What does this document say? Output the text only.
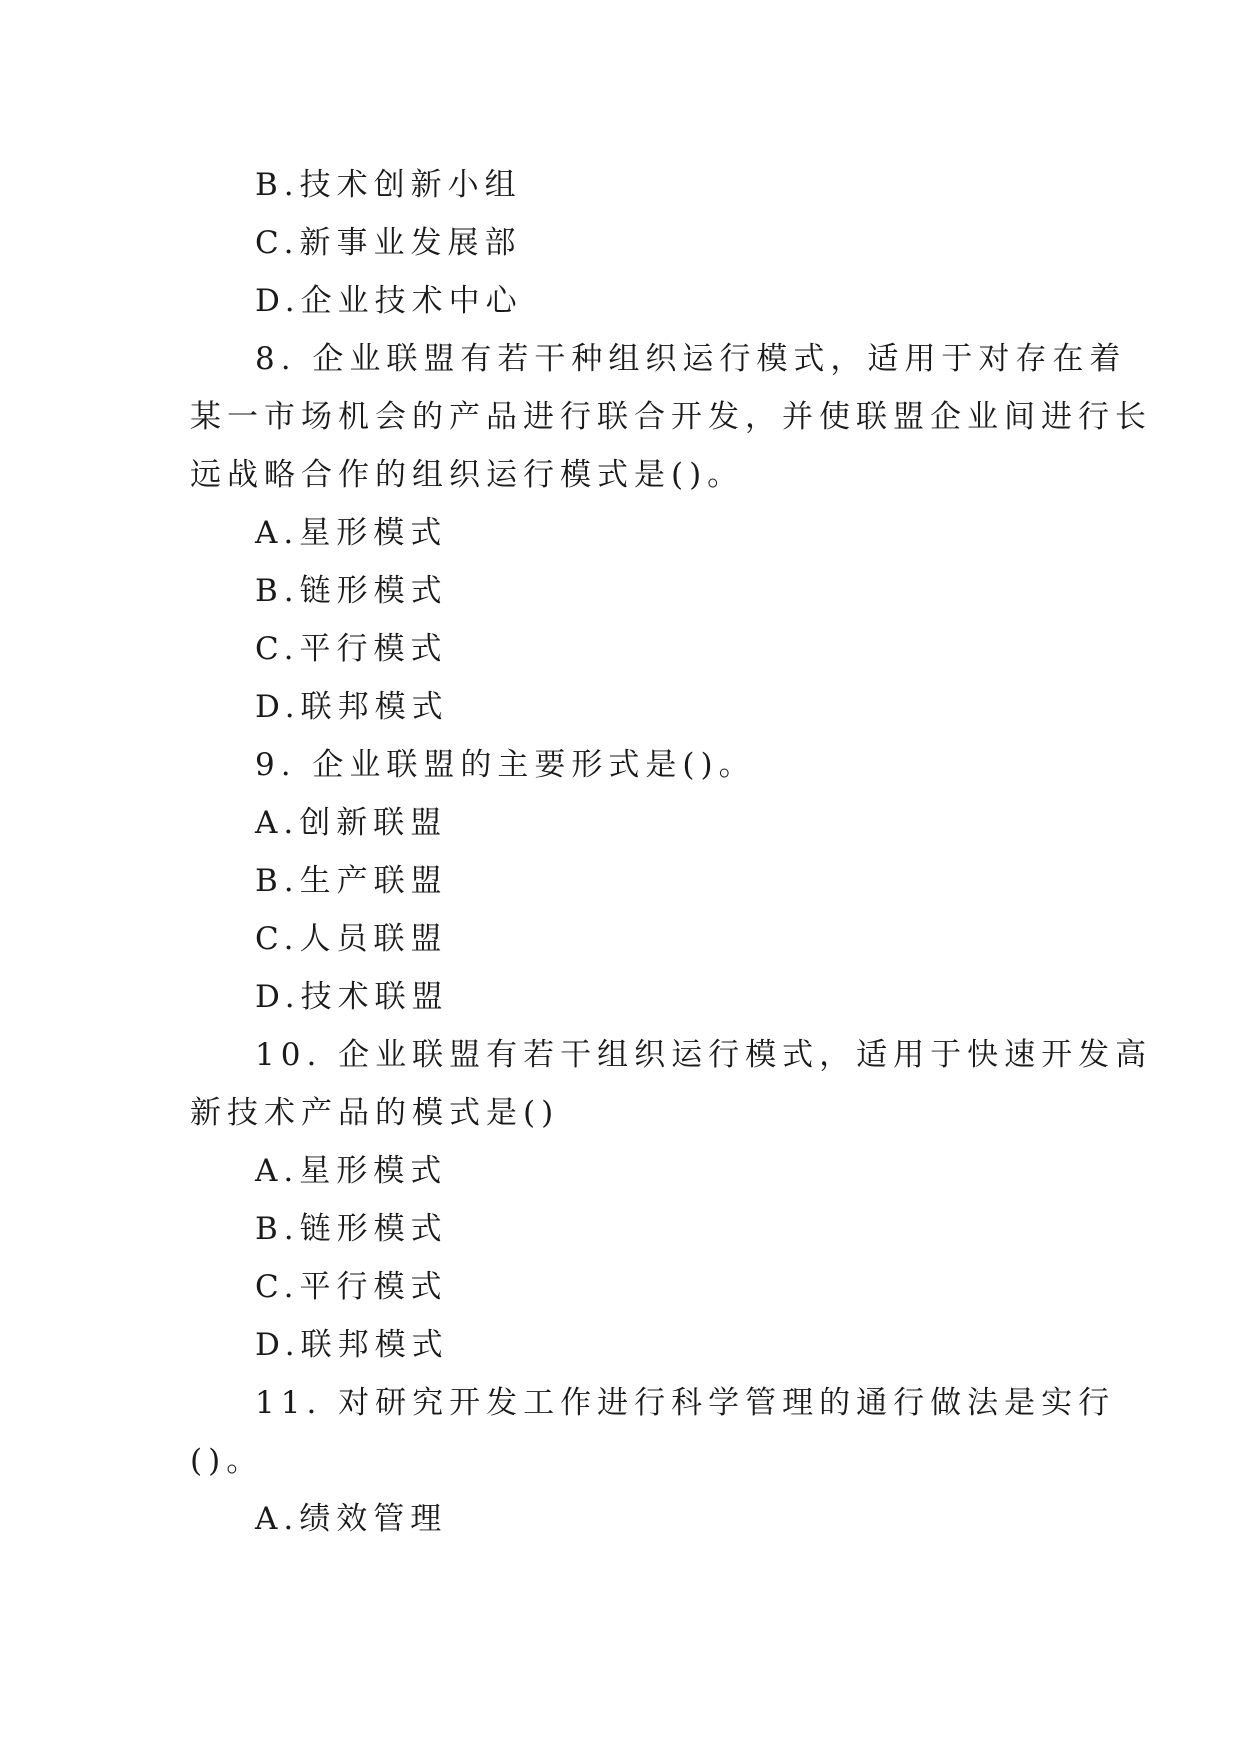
B.技术创新小组
C.新事业发展部
D.企业技术中心
8. 企业联盟有若干种组织运行模式，适用于对存在着
某一市场机会的产品进行联合开发，并使联盟企业间进行长
远战略合作的组织运行模式是()。
A.星形模式
B.链形模式
C.平行模式
D.联邦模式
9. 企业联盟的主要形式是()。
A.创新联盟
B.生产联盟
C.人员联盟
D.技术联盟
10. 企业联盟有若干组织运行模式，适用于快速开发高
新技术产品的模式是()
A.星形模式
B.链形模式
C.平行模式
D.联邦模式
11. 对研究开发工作进行科学管理的通行做法是实行
()。
A.绩效管理
